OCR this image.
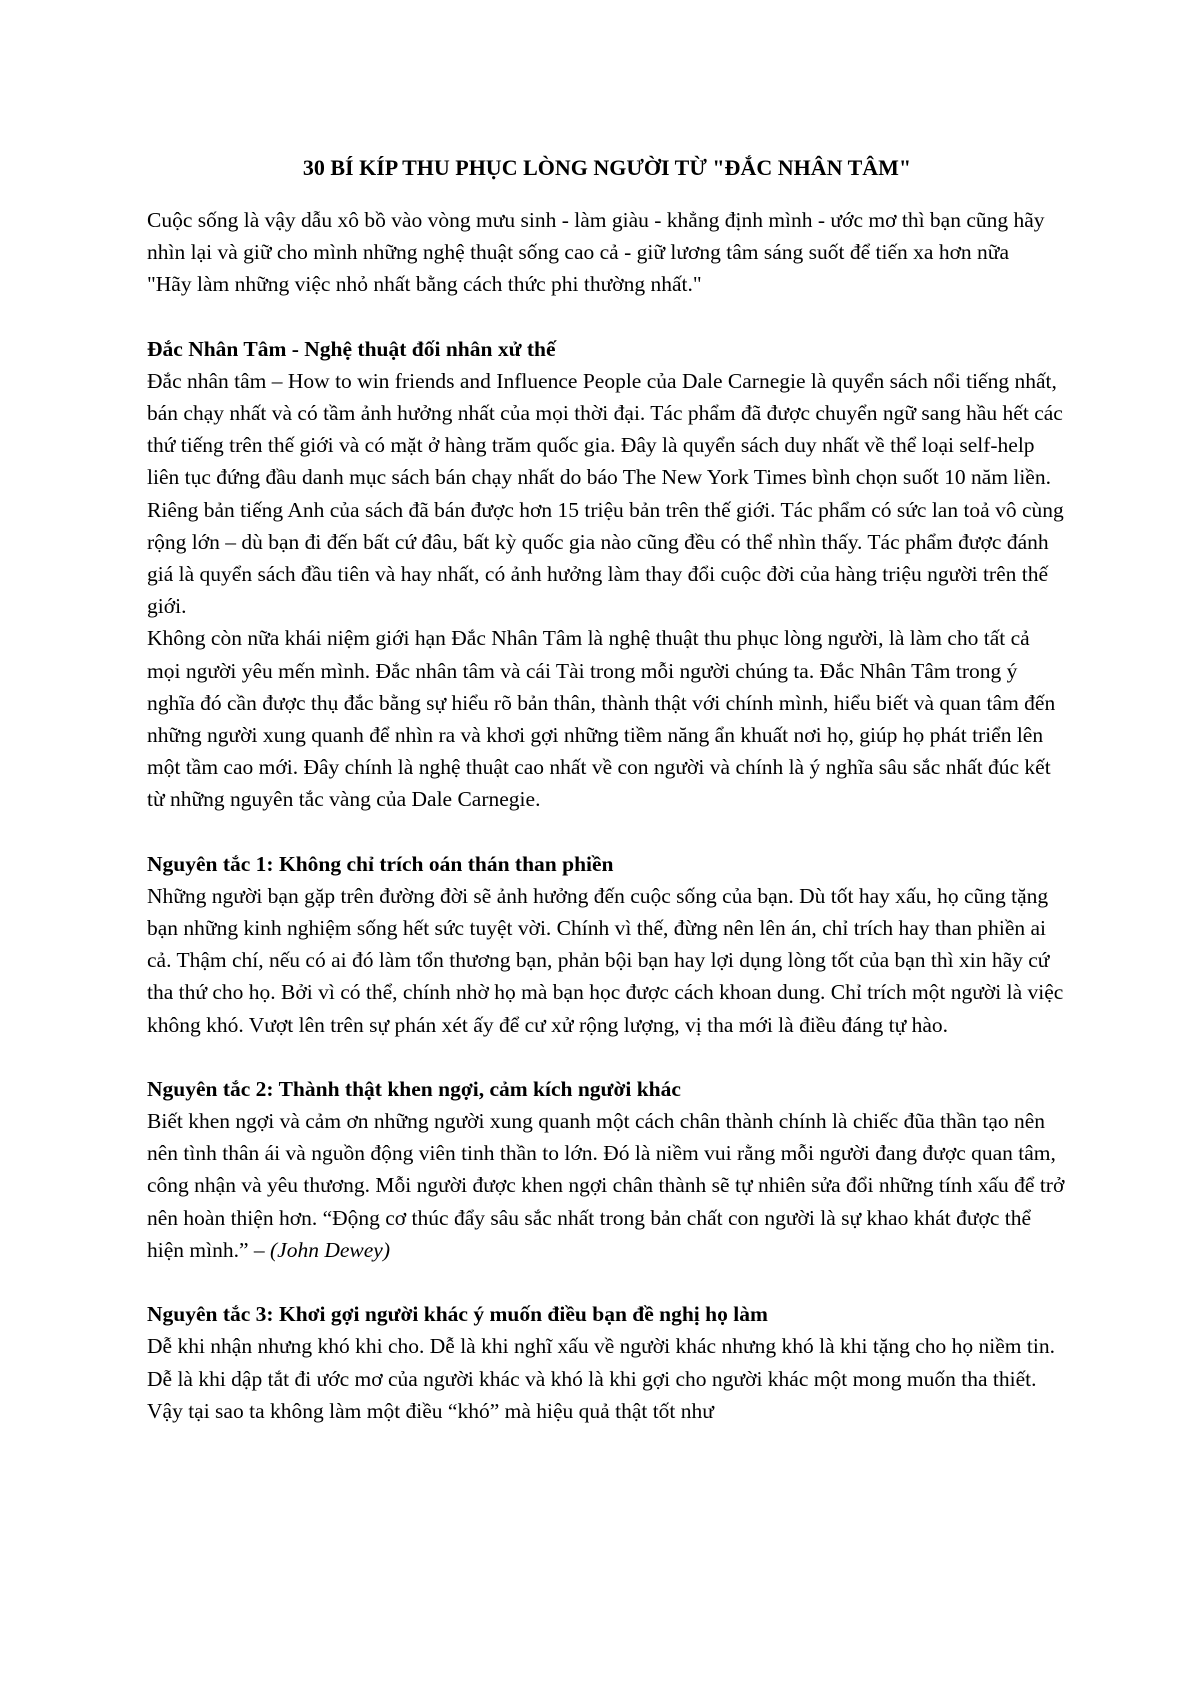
30 BÍ KÍP THU PHỤC LÒNG NGƯỜI TỪ "ĐẮC NHÂN TÂM"

Cuộc sống là vậy dẫu xô bồ vào vòng mưu sinh - làm giàu - khẳng định mình - ước mơ thì bạn cũng hãy nhìn lại và giữ cho mình những nghệ thuật sống cao cả - giữ lương tâm sáng suốt để tiến xa hơn nữa

"Hãy làm những việc nhỏ nhất bằng cách thức phi thường nhất."

Đắc Nhân Tâm - Nghệ thuật đối nhân xử thế

Đắc nhân tâm – How to win friends and Influence People của Dale Carnegie là quyển sách nổi tiếng nhất, bán chạy nhất và có tầm ảnh hưởng nhất của mọi thời đại. Tác phẩm đã được chuyển ngữ sang hầu hết các thứ tiếng trên thế giới và có mặt ở hàng trăm quốc gia. Đây là quyển sách duy nhất về thể loại self-help liên tục đứng đầu danh mục sách bán chạy nhất do báo The New York Times bình chọn suốt 10 năm liền. Riêng bản tiếng Anh của sách đã bán được hơn 15 triệu bản trên thế giới. Tác phẩm có sức lan toả vô cùng rộng lớn – dù bạn đi đến bất cứ đâu, bất kỳ quốc gia nào cũng đều có thể nhìn thấy. Tác phẩm được đánh giá là quyển sách đầu tiên và hay nhất, có ảnh hưởng làm thay đổi cuộc đời của hàng triệu người trên thế giới.

Không còn nữa khái niệm giới hạn Đắc Nhân Tâm là nghệ thuật thu phục lòng người, là làm cho tất cả mọi người yêu mến mình. Đắc nhân tâm và cái Tài trong mỗi người chúng ta. Đắc Nhân Tâm trong ý nghĩa đó cần được thụ đắc bằng sự hiểu rõ bản thân, thành thật với chính mình, hiểu biết và quan tâm đến những người xung quanh để nhìn ra và khơi gợi những tiềm năng ẩn khuất nơi họ, giúp họ phát triển lên một tầm cao mới. Đây chính là nghệ thuật cao nhất về con người và chính là ý nghĩa sâu sắc nhất đúc kết từ những nguyên tắc vàng của Dale Carnegie.

Nguyên tắc 1: Không chỉ trích oán thán than phiền

Những người bạn gặp trên đường đời sẽ ảnh hưởng đến cuộc sống của bạn. Dù tốt hay xấu, họ cũng tặng bạn những kinh nghiệm sống hết sức tuyệt vời. Chính vì thế, đừng nên lên án, chỉ trích hay than phiền ai cả. Thậm chí, nếu có ai đó làm tổn thương bạn, phản bội bạn hay lợi dụng lòng tốt của bạn thì xin hãy cứ tha thứ cho họ. Bởi vì có thể, chính nhờ họ mà bạn học được cách khoan dung. Chỉ trích một người là việc không khó. Vượt lên trên sự phán xét ấy để cư xử rộng lượng, vị tha mới là điều đáng tự hào.

Nguyên tắc 2: Thành thật khen ngợi, cảm kích người khác

Biết khen ngợi và cảm ơn những người xung quanh một cách chân thành chính là chiếc đũa thần tạo nên nên tình thân ái và nguồn động viên tinh thần to lớn. Đó là niềm vui rằng mỗi người đang được quan tâm, công nhận và yêu thương. Mỗi người được khen ngợi chân thành sẽ tự nhiên sửa đổi những tính xấu để trở nên hoàn thiện hơn. “Động cơ thúc đẩy sâu sắc nhất trong bản chất con người là sự khao khát được thể hiện mình.” – (John Dewey)

Nguyên tắc 3: Khơi gợi người khác ý muốn điều bạn đề nghị họ làm

Dễ khi nhận nhưng khó khi cho. Dễ là khi nghĩ xấu về người khác nhưng khó là khi tặng cho họ niềm tin. Dễ là khi dập tắt đi ước mơ của người khác và khó là khi gợi cho người khác một mong muốn tha thiết. Vậy tại sao ta không làm một điều “khó” mà hiệu quả thật tốt như
